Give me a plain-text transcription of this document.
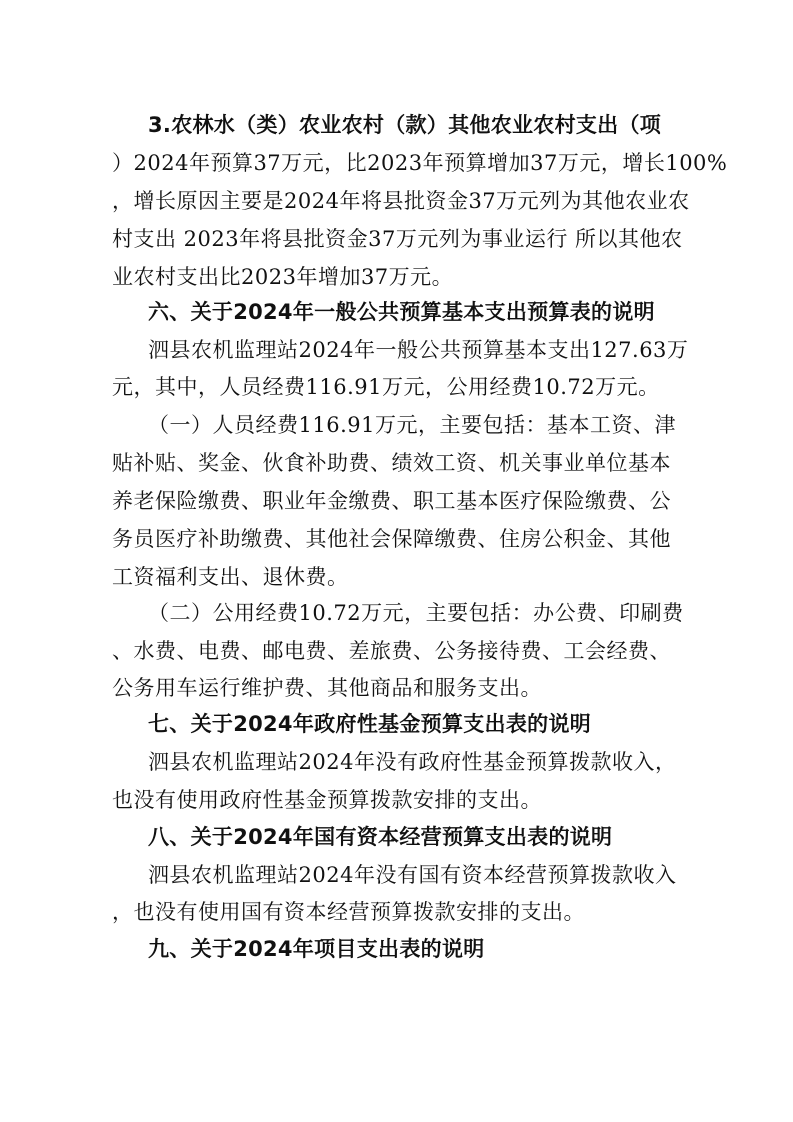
3.农林水（类）农业农村（款）其他农业农村支出（项
）2024年预算37万元，比2023年预算增加37万元，增长100%
，增长原因主要是2024年将县批资金37万元列为其他农业农
村支出 2023年将县批资金37万元列为事业运行 所以其他农
业农村支出比2023年增加37万元。
六、关于2024年一般公共预算基本支出预算表的说明
泗县农机监理站2024年一般公共预算基本支出127.63万
元，其中，人员经费116.91万元，公用经费10.72万元。
（一）人员经费116.91万元，主要包括：基本工资、津
贴补贴、奖金、伙食补助费、绩效工资、机关事业单位基本
养老保险缴费、职业年金缴费、职工基本医疗保险缴费、公
务员医疗补助缴费、其他社会保障缴费、住房公积金、其他
工资福利支出、退休费。
（二）公用经费10.72万元，主要包括：办公费、印刷费
、水费、电费、邮电费、差旅费、公务接待费、工会经费、
公务用车运行维护费、其他商品和服务支出。
七、关于2024年政府性基金预算支出表的说明
泗县农机监理站2024年没有政府性基金预算拨款收入，
也没有使用政府性基金预算拨款安排的支出。
八、关于2024年国有资本经营预算支出表的说明
泗县农机监理站2024年没有国有资本经营预算拨款收入
，也没有使用国有资本经营预算拨款安排的支出。
九、关于2024年项目支出表的说明
